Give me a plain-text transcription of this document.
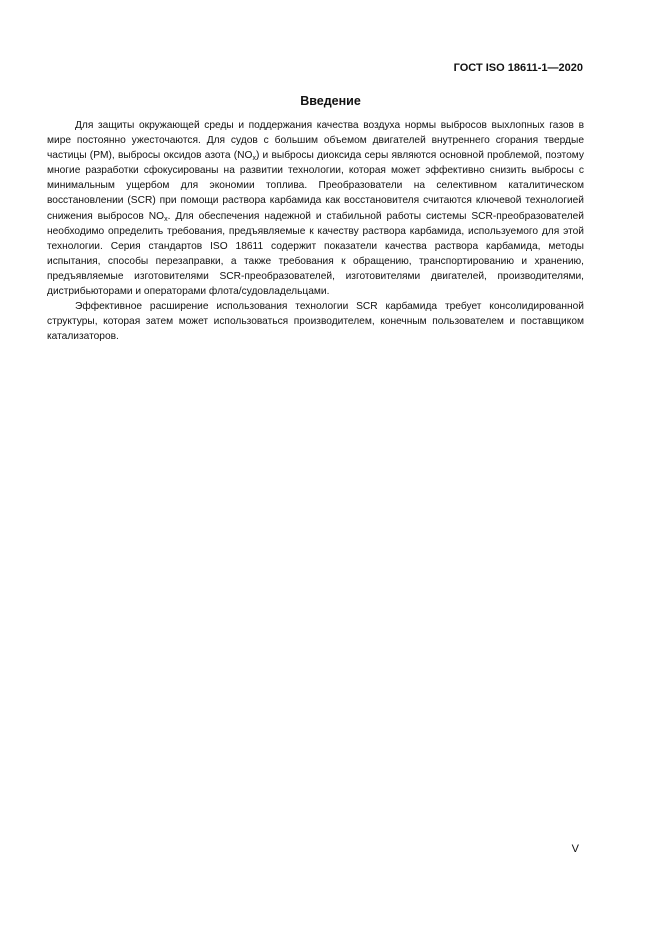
ГОСТ ISO 18611-1—2020
Введение

Для защиты окружающей среды и поддержания качества воздуха нормы выбросов выхлопных газов в мире постоянно ужесточаются. Для судов с большим объемом двигателей внутреннего сгорания твердые частицы (PM), выбросы оксидов азота $(NO_x)$ и выбросы диоксида серы являются основной проблемой, поэтому многие разработки сфокусированы на развитии технологии, которая может эффективно снизить выбросы с минимальным ущербом для экономии топлива. Преобразователи на селективном каталитическом восстановлении (SCR) при помощи раствора карбамида как восстановителя считаются ключевой технологией снижения выбросов $NO_x$. Для обеспечения надежной и стабильной работы системы SCR-преобразователей необходимо определить требования, предъявляемые к качеству раствора карбамида, используемого для этой технологии. Серия стандартов ISO 18611 содержит показатели качества раствора карбамида, методы испытания, способы перезаправки, а также требования к обращению, транспортированию и хранению, предъявляемые изготовителями SCR-преобразователей, изготовителями двигателей, производителями, дистрибьюторами и операторами флота/судовладельцами.

Эффективное расширение использования технологии SCR карбамида требует консолидированной структуры, которая затем может использоваться производителем, конечным пользователем и поставщиком катализаторов.

V
